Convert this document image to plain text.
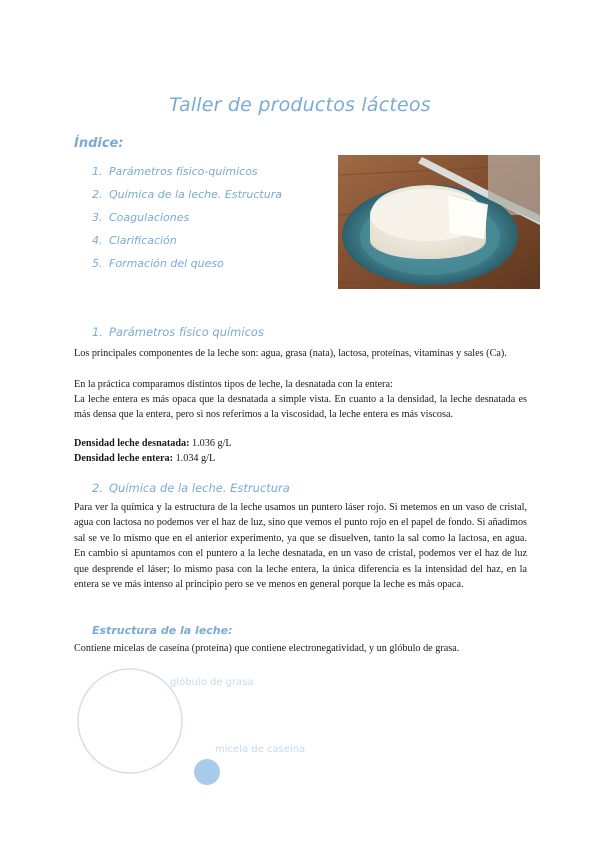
Taller de productos lácteos
Índice:
1. Parámetros físico-químicos
2. Química de la leche. Estructura
3. Coagulaciones
4. Clarificación
5. Formación del queso
1. Parámetros físico químicos

Los principales componentes de la leche son: agua, grasa (nata), lactosa, proteínas, vitaminas y sales (Ca).

En la práctica comparamos distintos tipos de leche, la desnatada con la entera:

La leche entera es más opaca que la desnatada a simple vista. En cuanto a la densidad, la leche desnatada es más densa que la entera, pero si nos referimos a la viscosidad, la leche entera es más viscosa.

Densidad leche desnatada: 1.036 g/L
Densidad leche entera: 1.034 g/L
2. Química de la leche. Estructura

Para ver la química y la estructura de la leche usamos un puntero láser rojo. Si metemos en un vaso de cristal, agua con lactosa no podemos ver el haz de luz, sino que vemos el punto rojo en el papel de fondo. Si añadimos sal se ve lo mismo que en el anterior experimento, ya que se disuelven, tanto la sal como la lactosa, en agua. En cambio si apuntamos con el puntero a la leche desnatada, en un vaso de cristal, podemos ver el haz de luz que desprende el láser; lo mismo pasa con la leche entera, la única diferencia es la intensidad del haz, en la entera se ve más intenso al principio pero se ve menos en general porque la leche es más opaca.

Estructura de la leche:

Contiene micelas de caseína (proteína) que contiene electronegatividad, y un glóbulo de grasa.

glóbulo de grasa
micela de caseína
